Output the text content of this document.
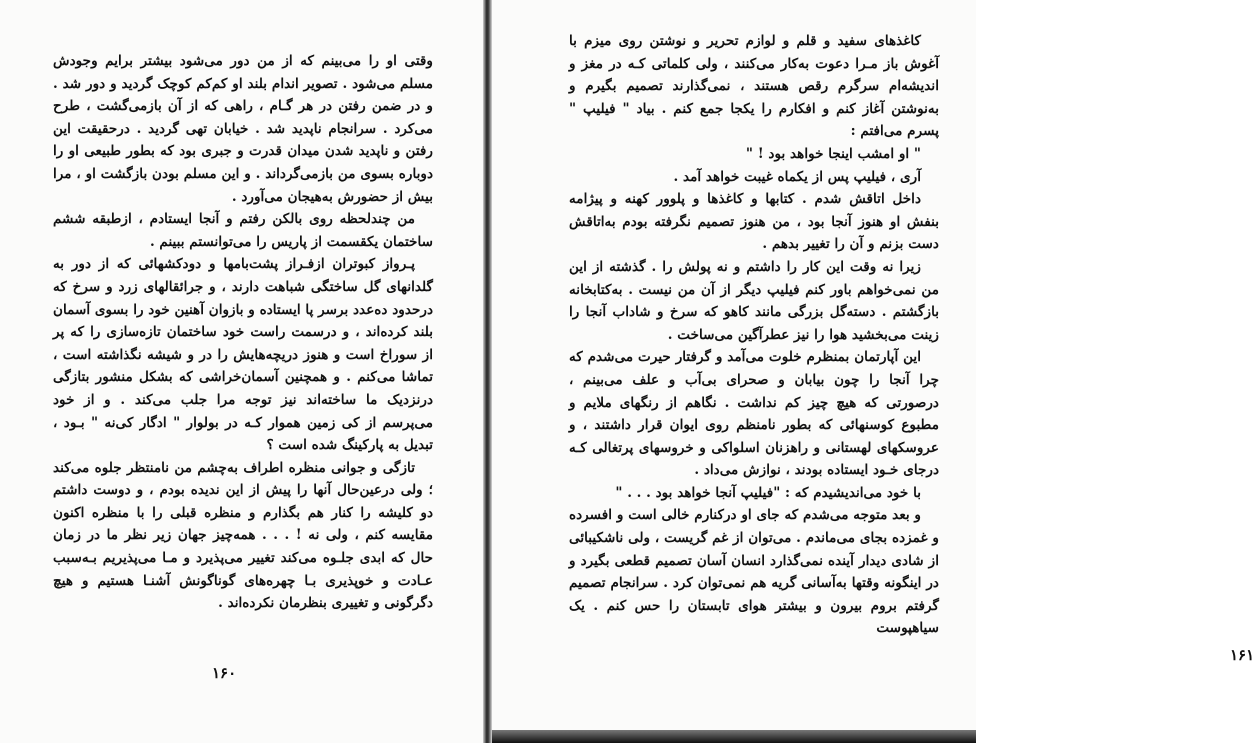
وقتی او را می‌بینم که از من دور می‌شود بیشتر برایم وجودش مسلم می‌شود . تصویر اندام بلند او کم‌کم کوچک گردید و دور شد . و در ضمن رفتن در هر گـام ، راهی که از آن بازمی‌گشت ، طرح می‌کرد . سرانجام ناپدید شد . خیابان تهی گردید . درحقیقت این رفتن و ناپدید شدن میدان قدرت و جبری بود که بطور طبیعی او را دوباره بسوی من بازمی‌گرداند . و این مسلم بودن بازگشت او ، مرا بیش از حضورش به‌هیجان می‌آورد .

من چندلحظه روی بالکن رفتم و آنجا ایستادم ، ازطبقه ششم ساختمان یکقسمت از پاریس را می‌توانستم ببینم .

پـرواز کبوتران ازفـراز پشت‌بامها و دودکشهائی که از دور به گلدانهای گل ساختگی شباهت دارند ، و جرائقالهای زرد و سرخ که درحدود ده‌عدد برسر پا ایستاده و بازوان آهنین خود را بسوی آسمان بلند کرده‌اند ، و درسمت راست خود ساختمان تازه‌سازی را که پر از سوراخ است و هنوز دریچه‌هایش را در و شیشه نگذاشته است ، تماشا می‌کنم . و همچنین آسمان‌خراشی که بشکل منشور بتازگی درنزدیک ما ساخته‌اند نیز توجه مرا جلب می‌کند . و از خود می‌پرسم از کی زمین هموار کـه در بولوار " ادگار کی‌نه " بـود ، تبدیل به پارکینگ شده است ؟

تازگی و جوانی منظره اطراف به‌چشم من نامنتظر جلوه می‌کند ؛ ولی درعین‌حال آنها را پیش از این ندیده بودم ، و دوست داشتم دو کلیشه را کنار هم بگذارم و منظره قبلی را با منظره اکنون مقایسه کنم ، ولی نه ! . . . همه‌چیز جهان زیر نظر ما در زمان حال که ابدی جلـوه می‌کند تغییر می‌پذیرد و مـا می‌پذیریم بـه‌سبب عـادت و خوپذیری بـا چهره‌های گوناگونش آشنـا هستیم و هیچ دگرگونی و تغییری بنظرمان نکرده‌اند .

۱۶۰

کاغذهای سفید و قلم و لوازم تحریر و نوشتن روی میزم با آغوش باز مـرا دعوت به‌کار می‌کنند ، ولی کلماتی کـه در مغز و اندیشه‌ام سرگرم رقص هستند ، نمی‌گذارند تصمیم بگیرم و به‌نوشتن آغاز کنم و افکارم را یکجا جمع کنم . بیاد " فیلیپ " پسرم می‌افتم :

" او امشب اینجا خواهد بود ! "

آری ، فیلیپ پس از یکماه غیبت خواهد آمد .

داخل اتاقش شدم . کتابها و کاغذها و پلوور کهنه و پیژامه بنفش او هنوز آنجا بود ، من هنوز تصمیم نگرفته بودم به‌اتاقش دست بزنم و آن را تغییر بدهم .

زیرا نه وقت این کار را داشتم و نه پولش را . گذشته از این من نمی‌خواهم باور کنم فیلیپ دیگر از آن من نیست . به‌کتابخانه بازگشتم . دسته‌گل بزرگی مانند کاهو که سرخ و شاداب آنجا را زینت می‌بخشید هوا را نیز عطرآگین می‌ساخت .

این آپارتمان بمنظرم خلوت می‌آمد و گرفتار حیرت می‌شدم که چرا آنجا را چون بیابان و صحرای بی‌آب و علف می‌بینم ، درصورتی که هیچ چیز کم نداشت . نگاهم از رنگهای ملایم و مطبوع کوسنهائی که بطور نامنظم روی ایوان قرار داشتند ، و عروسکهای لهستانی و راهزنان اسلواکی و خروسهای پرتغالی کـه درجای خـود ایستاده بودند ، نوازش می‌داد .

با خود می‌اندیشیدم که : "فیلیپ آنجا خواهد بود . . . "

و بعد متوجه می‌شدم که جای او درکنارم خالی است و افسرده و غمزده بجای می‌ماندم . می‌توان از غم گریست ، ولی ناشکیبائی از شادی دیدار آینده نمی‌گذارد انسان آسان تصمیم قطعی بگیرد و در اینگونه وقتها به‌آسانی گریه هم نمی‌توان کرد . سرانجام تصمیم گرفتم بروم بیرون و بیشتر هوای تابستان را حس کنم . یک سیاهپوست

۱۶۱
